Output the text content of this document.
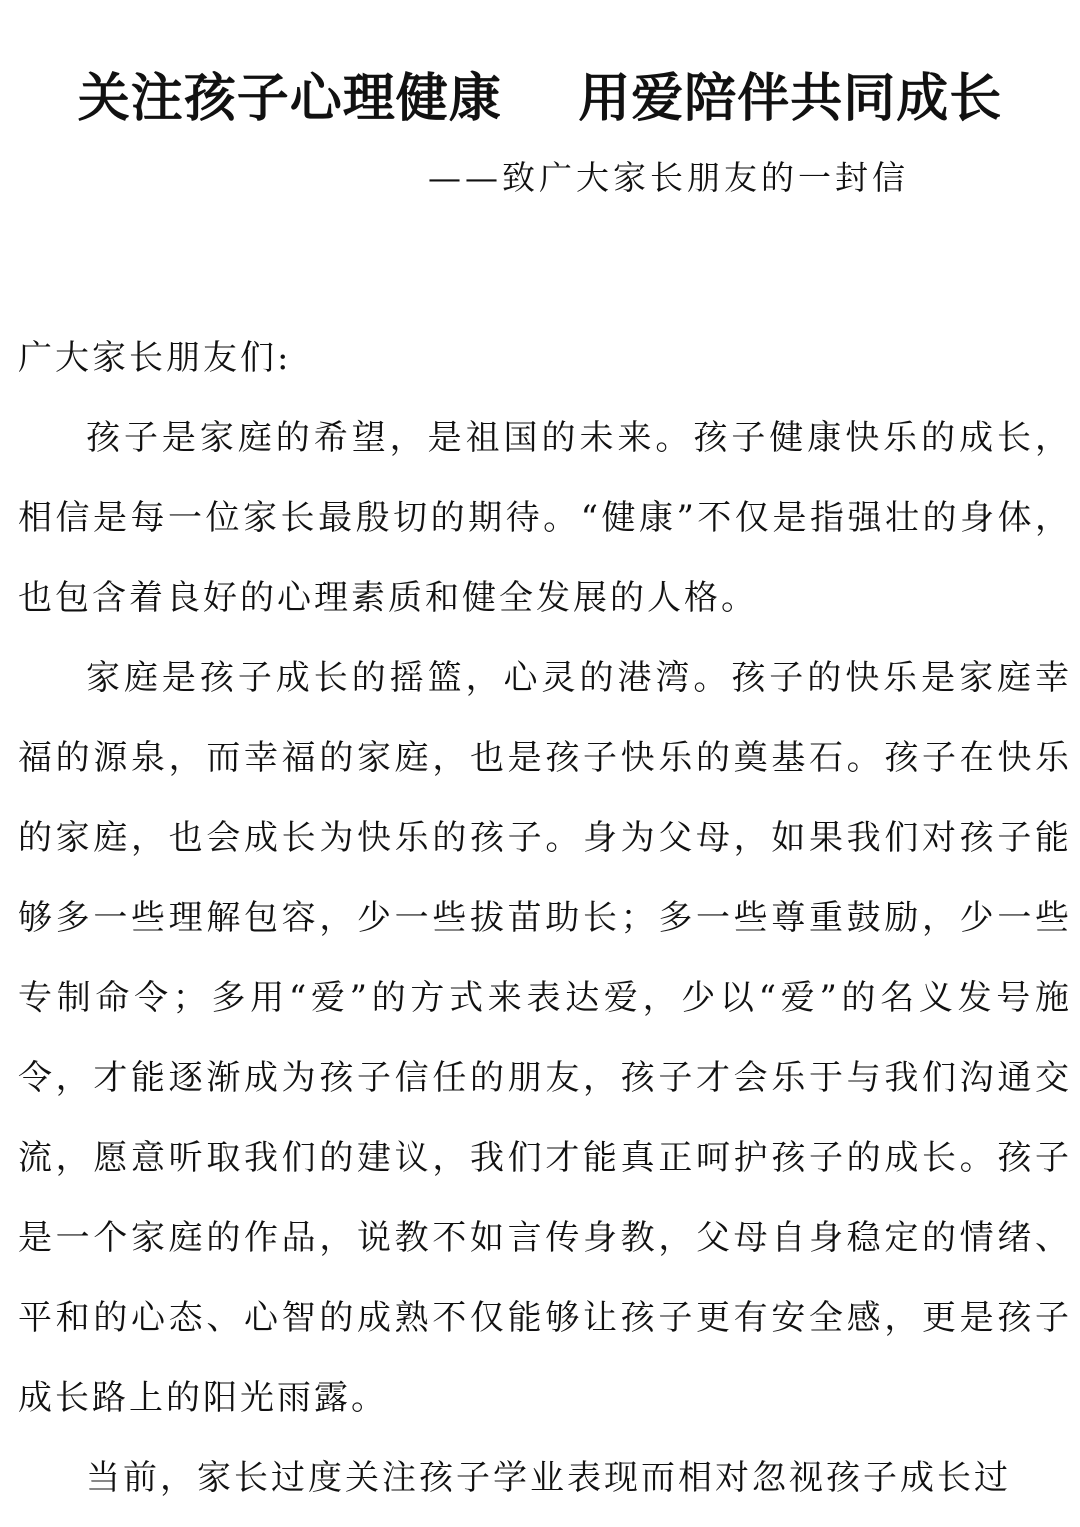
关注孩子心理健康    用爱陪伴共同成长
——致广大家长朋友的一封信

广大家长朋友们:

孩子是家庭的希望，是祖国的未来。孩子健康快乐的成长，相信是每一位家长最殷切的期待。“健康”不仅是指强壮的身体，也包含着良好的心理素质和健全发展的人格。

家庭是孩子成长的摇篮，心灵的港湾。孩子的快乐是家庭幸福的源泉，而幸福的家庭，也是孩子快乐的奠基石。孩子在快乐的家庭，也会成长为快乐的孩子。身为父母，如果我们对孩子能够多一些理解包容，少一些拔苗助长；多一些尊重鼓励，少一些专制命令；多用“爱”的方式来表达爱，少以“爱”的名义发号施令，才能逐渐成为孩子信任的朋友，孩子才会乐于与我们沟通交流，愿意听取我们的建议，我们才能真正呵护孩子的成长。孩子是一个家庭的作品，说教不如言传身教，父母自身稳定的情绪、平和的心态、心智的成熟不仅能够让孩子更有安全感，更是孩子成长路上的阳光雨露。

当前，家长过度关注孩子学业表现而相对忽视孩子成长过
